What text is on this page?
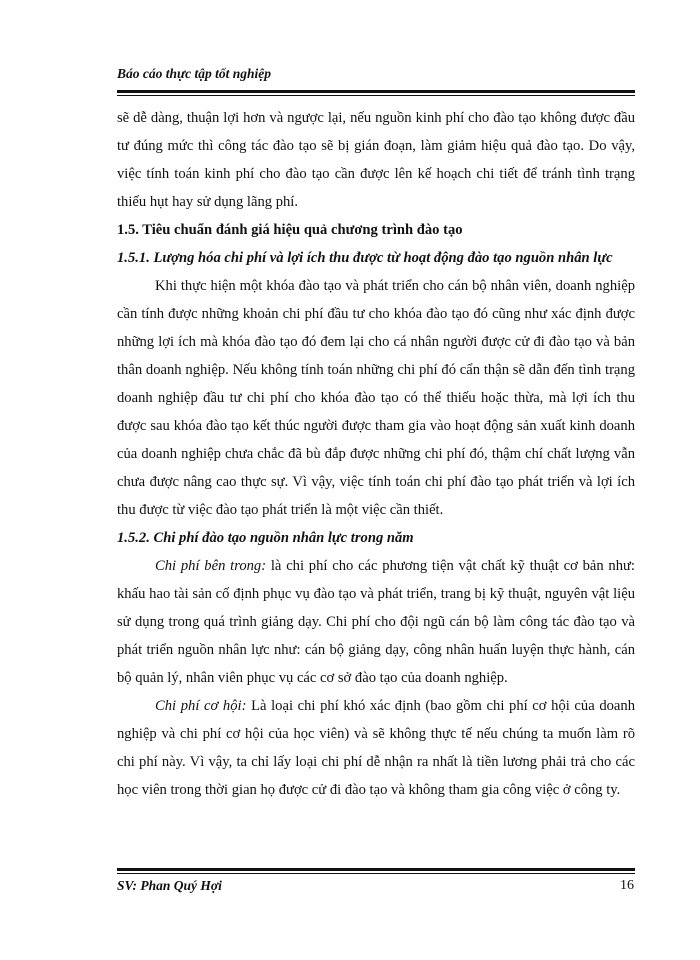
Báo cáo thực tập tốt nghiệp

sẽ dễ dàng, thuận lợi hơn và ngược lại, nếu nguồn kinh phí cho đào tạo không được đầu tư đúng mức thì công tác đào tạo sẽ bị gián đoạn, làm giảm hiệu quả đào tạo. Do vậy, việc tính toán kinh phí cho đào tạo cần được lên kế hoạch chi tiết để tránh tình trạng thiếu hụt hay sử dụng lãng phí.

1.5. Tiêu chuẩn đánh giá hiệu quả chương trình đào tạo

1.5.1. Lượng hóa chi phí và lợi ích thu được từ hoạt động đào tạo nguồn nhân lực

Khi thực hiện một khóa đào tạo và phát triển cho cán bộ nhân viên, doanh nghiệp cần tính được những khoản chi phí đầu tư cho khóa đào tạo đó cũng như xác định được những lợi ích mà khóa đào tạo đó đem lại cho cá nhân người được cử đi đào tạo và bản thân doanh nghiệp. Nếu không tính toán những chi phí đó cẩn thận sẽ dẫn đến tình trạng doanh nghiệp đầu tư chi phí cho khóa đào tạo có thể thiếu hoặc thừa, mà lợi ích thu được sau khóa đào tạo kết thúc người được tham gia vào hoạt động sản xuất kinh doanh của doanh nghiệp chưa chắc đã bù đắp được những chi phí đó, thậm chí chất lượng vẫn chưa được nâng cao thực sự. Vì vậy, việc tính toán chi phí đào tạo phát triển và lợi ích thu được từ việc đào tạo phát triển là một việc cần thiết.

1.5.2. Chi phí đào tạo nguồn nhân lực trong năm

Chi phí bên trong: là chi phí cho các phương tiện vật chất kỹ thuật cơ bản như: khấu hao tài sản cố định phục vụ đào tạo và phát triển, trang bị kỹ thuật, nguyên vật liệu sử dụng trong quá trình giảng dạy. Chi phí cho đội ngũ cán bộ làm công tác đào tạo và phát triển nguồn nhân lực như: cán bộ giảng dạy, công nhân huấn luyện thực hành, cán bộ quản lý, nhân viên phục vụ các cơ sở đào tạo của doanh nghiệp.

Chi phí cơ hội: Là loại chi phí khó xác định (bao gồm chi phí cơ hội của doanh nghiệp và chi phí cơ hội của học viên) và sẽ không thực tế nếu chúng ta muốn làm rõ chi phí này. Vì vậy, ta chỉ lấy loại chi phí dễ nhận ra nhất là tiền lương phải trả cho các học viên trong thời gian họ được cử đi đào tạo và không tham gia công việc ở công ty.

SV: Phan Quý Hợi	16
